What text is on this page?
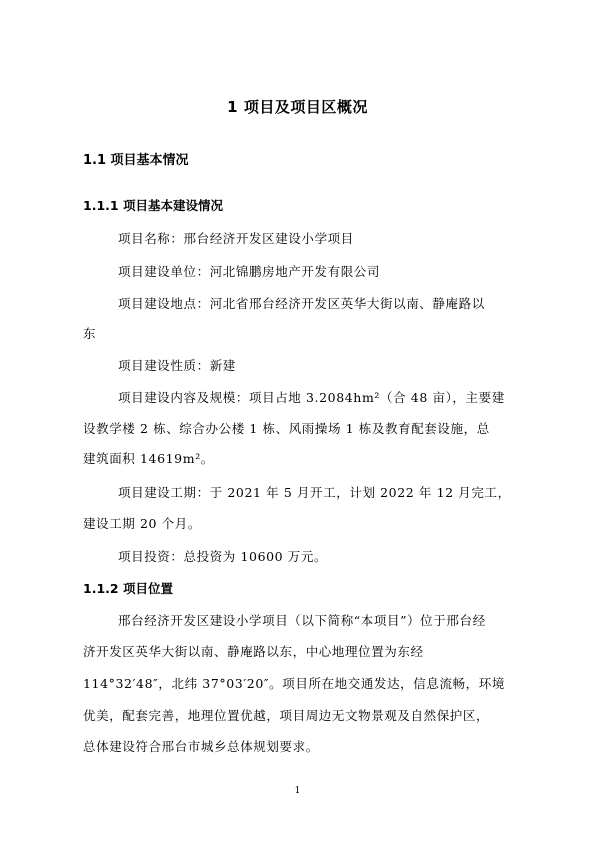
1 项目及项目区概况
1.1 项目基本情况
1.1.1 项目基本建设情况
项目名称：邢台经济开发区建设小学项目
项目建设单位：河北锦鹏房地产开发有限公司
项目建设地点：河北省邢台经济开发区英华大街以南、静庵路以
东
项目建设性质：新建
项目建设内容及规模：项目占地 3.2084hm²（合 48 亩），主要建
设教学楼 2 栋、综合办公楼 1 栋、风雨操场 1 栋及教育配套设施，总
建筑面积 14619m²。
项目建设工期：于 2021 年 5 月开工，计划 2022 年 12 月完工，
建设工期 20 个月。
项目投资：总投资为 10600 万元。
1.1.2 项目位置
邢台经济开发区建设小学项目（以下简称“本项目”）位于邢台经
济开发区英华大街以南、静庵路以东，中心地理位置为东经
114°32′48″，北纬 37°03′20″。项目所在地交通发达，信息流畅，环境
优美，配套完善，地理位置优越，项目周边无文物景观及自然保护区，
总体建设符合邢台市城乡总体规划要求。
1
